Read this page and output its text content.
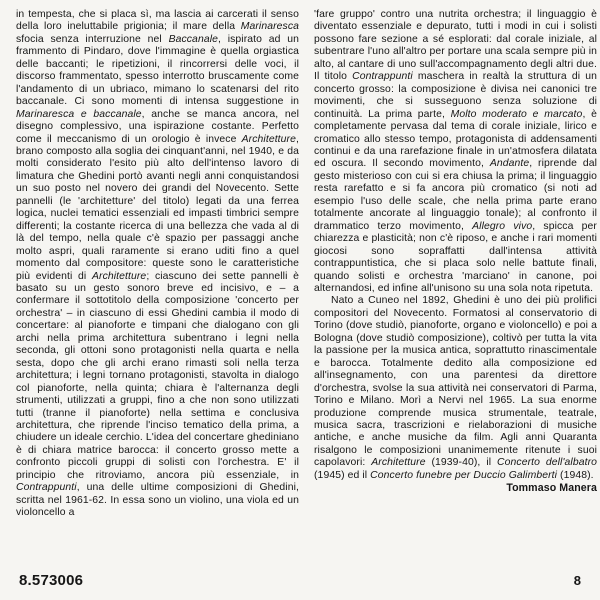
in tempesta, che si placa sì, ma lascia ai carcerati il senso della loro ineluttabile prigionia; il mare della Marinaresca sfocia senza interruzione nel Baccanale, ispirato ad un frammento di Pindaro, dove l'immagine è quella orgiastica delle baccanti; le ripetizioni, il rincorrersi delle voci, il discorso frammentato, spesso interrotto bruscamente come l'andamento di un ubriaco, mimano lo scatenarsi del rito baccanale. Ci sono momenti di intensa suggestione in Marinaresca e baccanale, anche se manca ancora, nel disegno complessivo, una ispirazione costante. Perfetto come il meccanismo di un orologio è invece Architetture, brano composto alla soglia dei cinquant'anni, nel 1940, e da molti considerato l'esito più alto dell'intenso lavoro di limatura che Ghedini portò avanti negli anni conquistandosi un suo posto nel novero dei grandi del Novecento. Sette pannelli (le 'architetture' del titolo) legati da una ferrea logica, nuclei tematici essenziali ed impasti timbrici sempre differenti; la costante ricerca di una bellezza che vada al di là del tempo, nella quale c'è spazio per passaggi anche molto aspri, quali raramente si erano uditi fino a quel momento dal compositore: queste sono le caratteristiche più evidenti di Architetture; ciascuno dei sette pannelli è basato su un gesto sonoro breve ed incisivo, e – a confermare il sottotitolo della composizione 'concerto per orchestra' – in ciascuno di essi Ghedini cambia il modo di concertare: al pianoforte e timpani che dialogano con gli archi nella prima architettura subentrano i legni nella seconda, gli ottoni sono protagonisti nella quarta e nella sesta, dopo che gli archi erano rimasti soli nella terza architettura; i legni tornano protagonisti, stavolta in dialogo col pianoforte, nella quinta; chiara è l'alternanza degli strumenti, utilizzati a gruppi, fino a che non sono utilizzati tutti (tranne il pianoforte) nella settima e conclusiva architettura, che riprende l'inciso tematico della prima, a chiudere un ideale cerchio. L'idea del concertare ghediniano è di chiara matrice barocca: il concerto grosso mette a confronto piccoli gruppi di solisti con l'orchestra. E' il principio che ritroviamo, ancora più essenziale, in Contrappunti, una delle ultime composizioni di Ghedini, scritta nel 1961-62. In essa sono un violino, una viola ed un violoncello a

'fare gruppo' contro una nutrita orchestra; il linguaggio è diventato essenziale e depurato, tutti i modi in cui i solisti possono fare sezione a sé esplorati: dal corale iniziale, al subentrare l'uno all'altro per portare una scala sempre più in alto, al cantare di uno sull'accompagnamento degli altri due. Il titolo Contrappunti maschera in realtà la struttura di un concerto grosso: la composizione è divisa nei canonici tre movimenti, che si susseguono senza soluzione di continuità. La prima parte, Molto moderato e marcato, è completamente pervasa dal tema di corale iniziale, lirico e cromatico allo stesso tempo, protagonista di addensamenti continui e da una rarefazione finale in un'atmosfera dilatata ed oscura. Il secondo movimento, Andante, riprende dal gesto misterioso con cui si era chiusa la prima; il linguaggio resta rarefatto e si fa ancora più cromatico (si noti ad esempio l'uso delle scale, che nella prima parte erano totalmente ancorate al linguaggio tonale); al confronto il drammatico terzo movimento, Allegro vivo, spicca per chiarezza e plasticità; non c'è riposo, e anche i rari momenti giocosi sono sopraffatti dall'intensa attività contrappuntistica, che si placa solo nelle battute finali, quando solisti e orchestra 'marciano' in canone, poi alternandosi, ed infine all'unisono su una sola nota ripetuta.

Nato a Cuneo nel 1892, Ghedini è uno dei più prolifici compositori del Novecento. Formatosi al conservatorio di Torino (dove studiò, pianoforte, organo e violoncello) e poi a Bologna (dove studiò composizione), coltivò per tutta la vita la passione per la musica antica, soprattutto rinascimentale e barocca. Totalmente dedito alla composizione ed all'insegnamento, con una parentesi da direttore d'orchestra, svolse la sua attività nei conservatori di Parma, Torino e Milano. Morì a Nervi nel 1965. La sua enorme produzione comprende musica strumentale, teatrale, musica sacra, trascrizioni e rielaborazioni di musiche antiche, e anche musiche da film. Agli anni Quaranta risalgono le composizioni unanimemente ritenute i suoi capolavori: Architetture (1939-40), il Concerto dell'albatro (1945) ed il Concerto funebre per Duccio Galimberti (1948).

Tommaso Manera

8.573006	8
